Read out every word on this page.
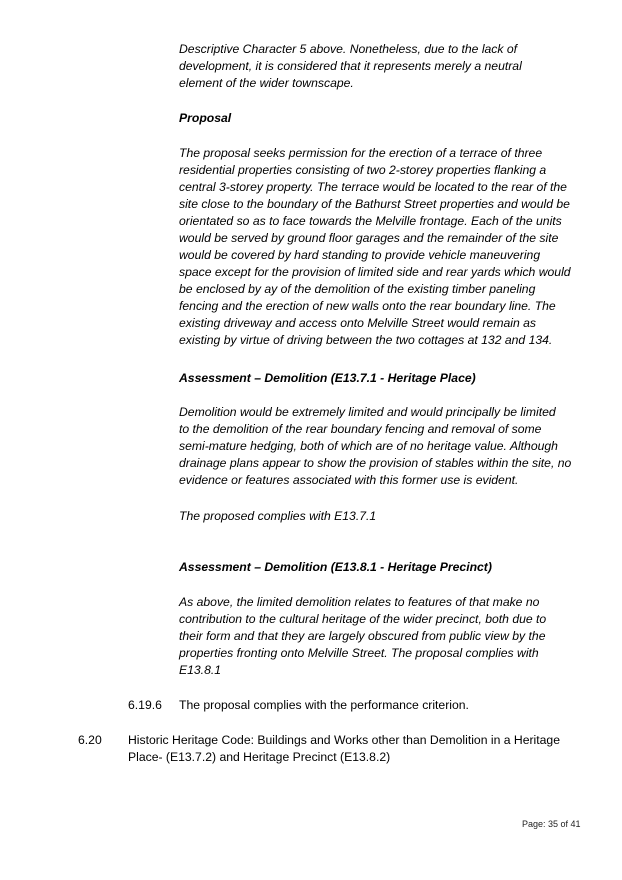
Descriptive Character 5 above. Nonetheless, due to the lack of
development, it is considered that it represents merely a neutral
element of the wider townscape.

Proposal

The proposal seeks permission for the erection of a terrace of three
residential properties consisting of two 2-storey properties flanking a
central 3-storey property. The terrace would be located to the rear of the
site close to the boundary of the Bathurst Street properties and would be
orientated so as to face towards the Melville frontage. Each of the units
would be served by ground floor garages and the remainder of the site
would be covered by hard standing to provide vehicle maneuvering
space except for the provision of limited side and rear yards which would
be enclosed by ay of the demolition of the existing timber paneling
fencing and the erection of new walls onto the rear boundary line. The
existing driveway and access onto Melville Street would remain as
existing by virtue of driving between the two cottages at 132 and 134.

Assessment – Demolition (E13.7.1 - Heritage Place)

Demolition would be extremely limited and would principally be limited
to the demolition of the rear boundary fencing and removal of some
semi-mature hedging, both of which are of no heritage value. Although
drainage plans appear to show the provision of stables within the site, no
evidence or features associated with this former use is evident.

The proposed complies with E13.7.1

Assessment – Demolition (E13.8.1 - Heritage Precinct)

As above, the limited demolition relates to features of that make no
contribution to the cultural heritage of the wider precinct, both due to
their form and that they are largely obscured from public view by the
properties fronting onto Melville Street. The proposal complies with
E13.8.1

6.19.6 The proposal complies with the performance criterion.
6.20 Historic Heritage Code: Buildings and Works other than Demolition in a Heritage
Place- (E13.7.2) and Heritage Precinct (E13.8.2)
Page: 35 of 41
